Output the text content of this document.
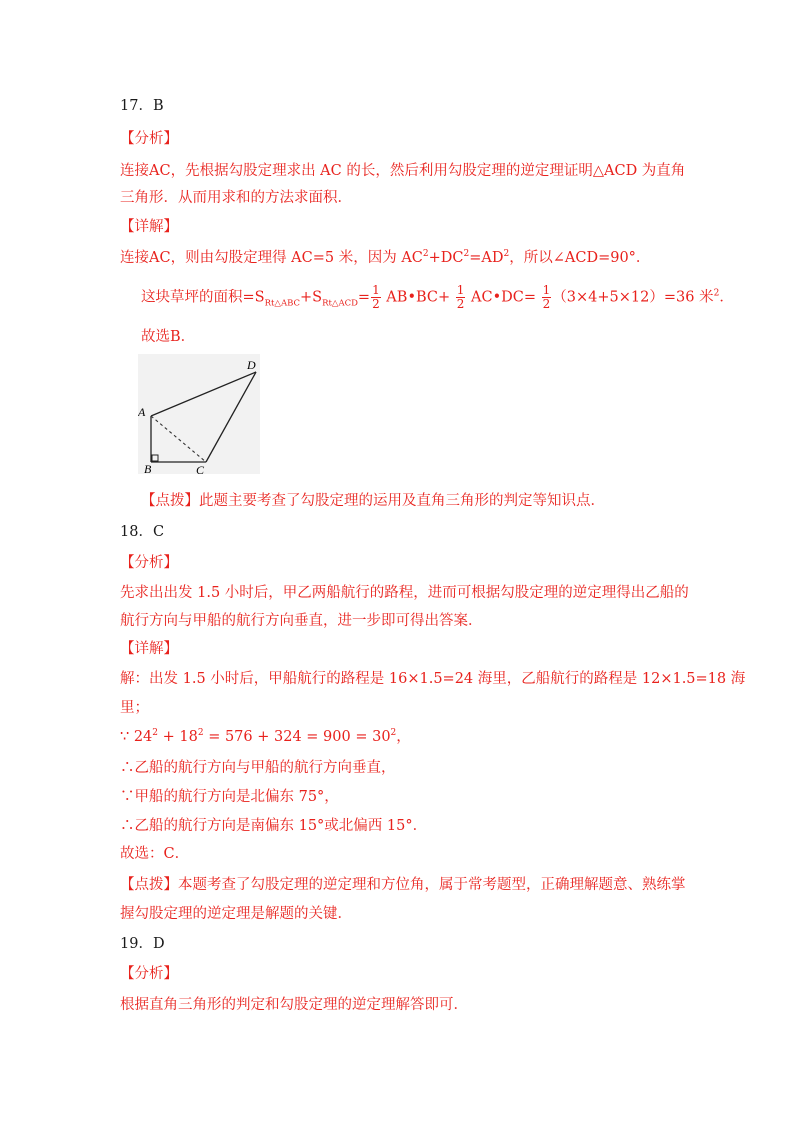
17．B
【分析】
连接AC，先根据勾股定理求出 AC 的长，然后利用勾股定理的逆定理证明△ACD 为直角
三角形．从而用求和的方法求面积．
【详解】
连接AC，则由勾股定理得 AC=5 米，因为 $AC^2+DC^2=AD^2$，所以∠ACD=90°．
这块草坪的面积$=S_{Rt\triangle ABC}+S_{Rt\triangle ACD}= \frac{1}{2}$ AB•BC+ $\frac{1}{2}$ AC•DC= $\frac{1}{2} (3\times 4+5\times 12)=36$ 米$^2$．
故选B．
A
B	C
D
【点拨】此题主要考查了勾股定理的运用及直角三角形的判定等知识点．
18．C
【分析】
先求出出发 1.5 小时后，甲乙两船航行的路程，进而可根据勾股定理的逆定理得出乙船的
航行方向与甲船的航行方向垂直，进一步即可得出答案．
【详解】
解：出发 1.5 小时后，甲船航行的路程是 16×1.5=24 海里，乙船航行的路程是 12×1.5=18 海
里；
∵ $24^2 + 18^2 = 576 + 324 = 900 = 30^2$，
∴乙船的航行方向与甲船的航行方向垂直，
∵甲船的航行方向是北偏东 75°，
∴乙船的航行方向是南偏东 15°或北偏西 15°．
故选：C．
【点拨】本题考查了勾股定理的逆定理和方位角，属于常考题型，正确理解题意、熟练掌
握勾股定理的逆定理是解题的关键．
19．D
【分析】
根据直角三角形的判定和勾股定理的逆定理解答即可．
